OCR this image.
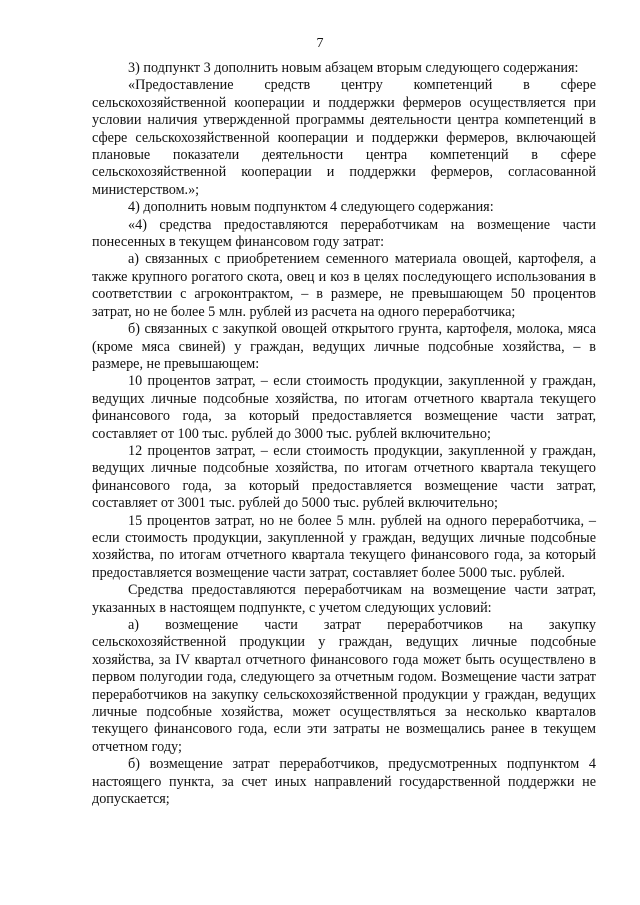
7

3) подпункт 3 дополнить новым абзацем вторым следующего содержания:

«Предоставление средств центру компетенций в сфере сельскохозяйственной кооперации и поддержки фермеров осуществляется при условии наличия утвержденной программы деятельности центра компетенций в сфере сельскохозяйственной кооперации и поддержки фермеров, включающей плановые показатели деятельности центра компетенций в сфере сельскохозяйственной кооперации и поддержки фермеров, согласованной министерством.»;

4) дополнить новым подпунктом 4 следующего содержания:

«4) средства предоставляются переработчикам на возмещение части понесенных в текущем финансовом году затрат:

а) связанных с приобретением семенного материала овощей, картофеля, а также крупного рогатого скота, овец и коз в целях последующего использования в соответствии с агроконтрактом, – в размере, не превышающем 50 процентов затрат, но не более 5 млн. рублей из расчета на одного переработчика;

б) связанных с закупкой овощей открытого грунта, картофеля, молока, мяса (кроме мяса свиней) у граждан, ведущих личные подсобные хозяйства, – в размере, не превышающем:

10 процентов затрат, – если стоимость продукции, закупленной у граждан, ведущих личные подсобные хозяйства, по итогам отчетного квартала текущего финансового года, за который предоставляется возмещение части затрат, составляет от 100 тыс. рублей до 3000 тыс. рублей включительно;

12 процентов затрат, – если стоимость продукции, закупленной у граждан, ведущих личные подсобные хозяйства, по итогам отчетного квартала текущего финансового года, за который предоставляется возмещение части затрат, составляет от 3001 тыс. рублей до 5000 тыс. рублей включительно;

15 процентов затрат, но не более 5 млн. рублей на одного переработчика, – если стоимость продукции, закупленной у граждан, ведущих личные подсобные хозяйства, по итогам отчетного квартала текущего финансового года, за который предоставляется возмещение части затрат, составляет более 5000 тыс. рублей.

Средства предоставляются переработчикам на возмещение части затрат, указанных в настоящем подпункте, с учетом следующих условий:

а) возмещение части затрат переработчиков на закупку сельскохозяйственной продукции у граждан, ведущих личные подсобные хозяйства, за IV квартал отчетного финансового года может быть осуществлено в первом полугодии года, следующего за отчетным годом. Возмещение части затрат переработчиков на закупку сельскохозяйственной продукции у граждан, ведущих личные подсобные хозяйства, может осуществляться за несколько кварталов текущего финансового года, если эти затраты не возмещались ранее в текущем отчетном году;

б) возмещение затрат переработчиков, предусмотренных подпунктом 4 настоящего пункта, за счет иных направлений государственной поддержки не допускается;
